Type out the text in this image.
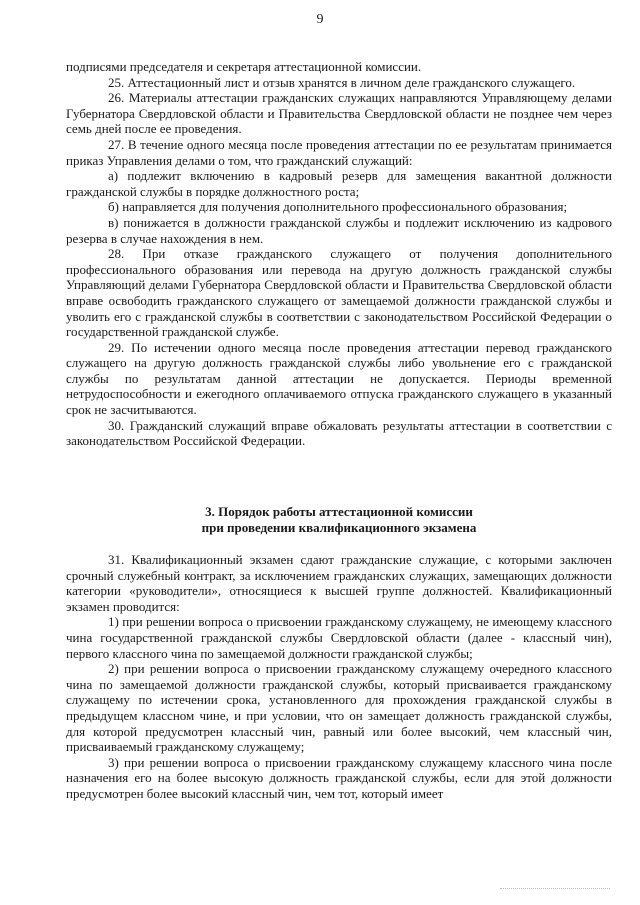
9

подписями председателя и секретаря аттестационной комиссии.

25. Аттестационный лист и отзыв хранятся в личном деле гражданского служащего.

26. Материалы аттестации гражданских служащих направляются Управляющему делами Губернатора Свердловской области и Правительства Свердловской области не позднее чем через семь дней после ее проведения.

27. В течение одного месяца после проведения аттестации по ее результатам принимается приказ Управления делами о том, что гражданский служащий:

а) подлежит включению в кадровый резерв для замещения вакантной должности гражданской службы в порядке должностного роста;

б) направляется для получения дополнительного профессионального образования;

в) понижается в должности гражданской службы и подлежит исключению из кадрового резерва в случае нахождения в нем.

28. При отказе гражданского служащего от получения дополнительного профессионального образования или перевода на другую должность гражданской службы Управляющий делами Губернатора Свердловской области и Правительства Свердловской области вправе освободить гражданского служащего от замещаемой должности гражданской службы и уволить его с гражданской службы в соответствии с законодательством Российской Федерации о государственной гражданской службе.

29. По истечении одного месяца после проведения аттестации перевод гражданского служащего на другую должность гражданской службы либо увольнение его с гражданской службы по результатам данной аттестации не допускается. Периоды временной нетрудоспособности и ежегодного оплачиваемого отпуска гражданского служащего в указанный срок не засчитываются.

30. Гражданский служащий вправе обжаловать результаты аттестации в соответствии с законодательством Российской Федерации.

3. Порядок работы аттестационной комиссии
при проведении квалификационного экзамена

31. Квалификационный экзамен сдают гражданские служащие, с которыми заключен срочный служебный контракт, за исключением гражданских служащих, замещающих должности категории «руководители», относящиеся к высшей группе должностей. Квалификационный экзамен проводится:

1) при решении вопроса о присвоении гражданскому служащему, не имеющему классного чина государственной гражданской службы Свердловской области (далее - классный чин), первого классного чина по замещаемой должности гражданской службы;

2) при решении вопроса о присвоении гражданскому служащему очередного классного чина по замещаемой должности гражданской службы, который присваивается гражданскому служащему по истечении срока, установленного для прохождения гражданской службы в предыдущем классном чине, и при условии, что он замещает должность гражданской службы, для которой предусмотрен классный чин, равный или более высокий, чем классный чин, присваиваемый гражданскому служащему;

3) при решении вопроса о присвоении гражданскому служащему классного чина после назначения его на более высокую должность гражданской службы, если для этой должности предусмотрен более высокий классный чин, чем тот, который имеет
